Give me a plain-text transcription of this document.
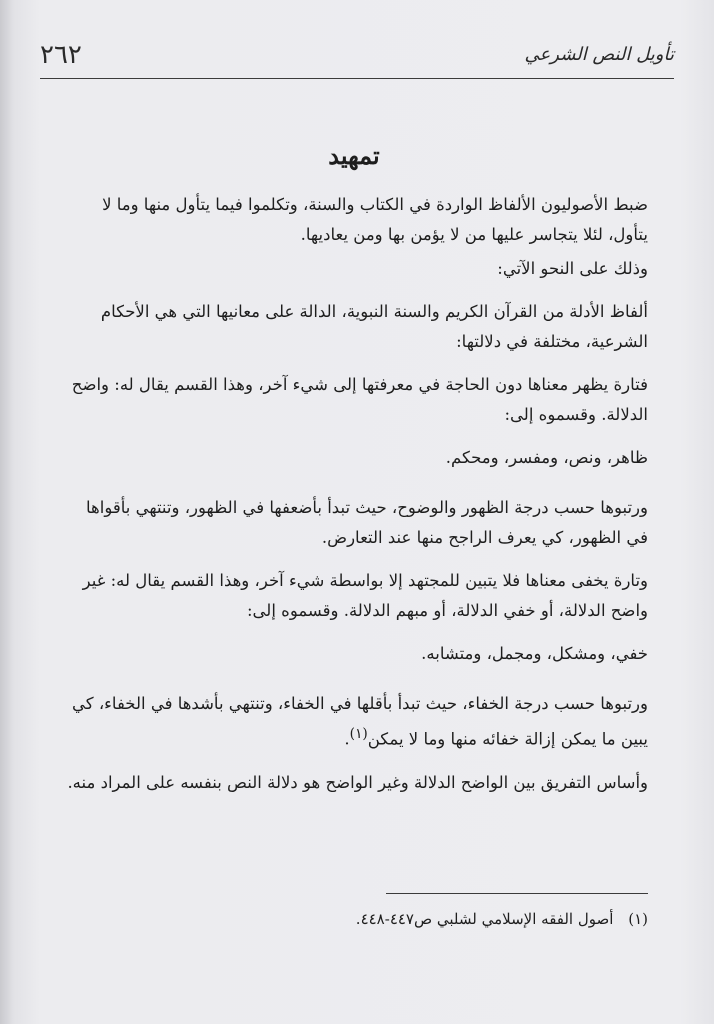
٢٦٢	تأويل النص الشرعي
تمهيد

ضبط الأصوليون الألفاظ الواردة في الكتاب والسنة، وتكلموا فيما يتأول منها وما لا يتأول، لئلا يتجاسر عليها من لا يؤمن بها ومن يعاديها.

وذلك على النحو الآتي:

ألفاظ الأدلة من القرآن الكريم والسنة النبوية، الدالة على معانيها التي هي الأحكام الشرعية، مختلفة في دلالتها:

فتارة يظهر معناها دون الحاجة في معرفتها إلى شيء آخر، وهذا القسم يقال له: واضح الدلالة. وقسموه إلى:

ظاهر، ونص، ومفسر، ومحكم.

ورتبوها حسب درجة الظهور والوضوح، حيث تبدأ بأضعفها في الظهور، وتنتهي بأقواها في الظهور، كي يعرف الراجح منها عند التعارض.

وتارة يخفى معناها فلا يتبين للمجتهد إلا بواسطة شيء آخر، وهذا القسم يقال له: غير واضح الدلالة، أو خفي الدلالة، أو مبهم الدلالة. وقسموه إلى:

خفي، ومشكل، ومجمل، ومتشابه.

ورتبوها حسب درجة الخفاء، حيث تبدأ بأقلها في الخفاء، وتنتهي بأشدها في الخفاء، كي يبين ما يمكن إزالة خفائه منها وما لا يمكن$^{(١)}$.

وأساس التفريق بين الواضح الدلالة وغير الواضح هو دلالة النص بنفسه على المراد منه.

(١) أصول الفقه الإسلامي لشلبي ص٤٤٧-٤٤٨.
